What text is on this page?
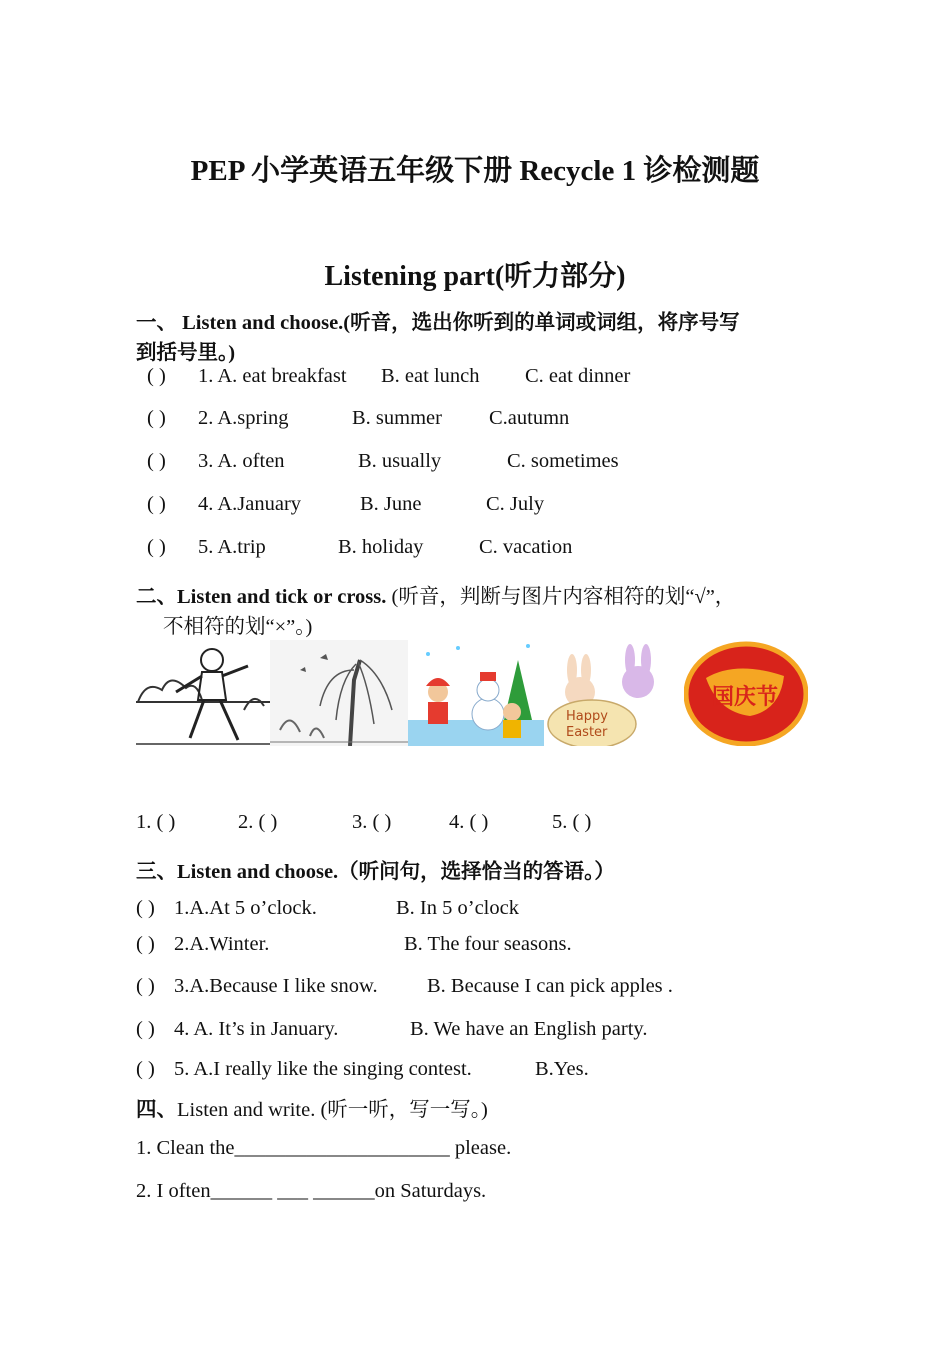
PEP 小学英语五年级下册 Recycle 1 诊检测题
Listening part(听力部分)
一、 Listen and choose.(听音，选出你听到的单词或词组，将序号写
到括号里。)
( ) 1. A. eat breakfast B. eat lunch C. eat dinner
( ) 2. A.spring	B. summer C.autumn
( ) 3. A. often	B. usually	C. sometimes
( ) 4. A.January	B. June	C. July
( ) 5. A.trip	B. holiday	C. vacation
二、Listen and tick or cross. (听音，判断与图片内容相符的划“√”，
不相符的划“×”。)
Happy
Easter
国庆节
1. ( )	2. ( )	3. ( )	4. ( )	5. ( )
三、Listen and choose.（听问句，选择恰当的答语。）
( ) 1.A.At 5 o’clock.	B. In 5 o’clock
( ) 2.A.Winter.	B. The four seasons.
( ) 3.A.Because I like snow. B. Because I can pick apples .
( ) 4. A. It’s in January.	B. We have an English party.
( ) 5. A.I really like the singing contest.	B.Yes.
四、Listen and write. (听一听，写一写。)
1. Clean the_____________________ please.
2. I often______ ___ ______on Saturdays.
